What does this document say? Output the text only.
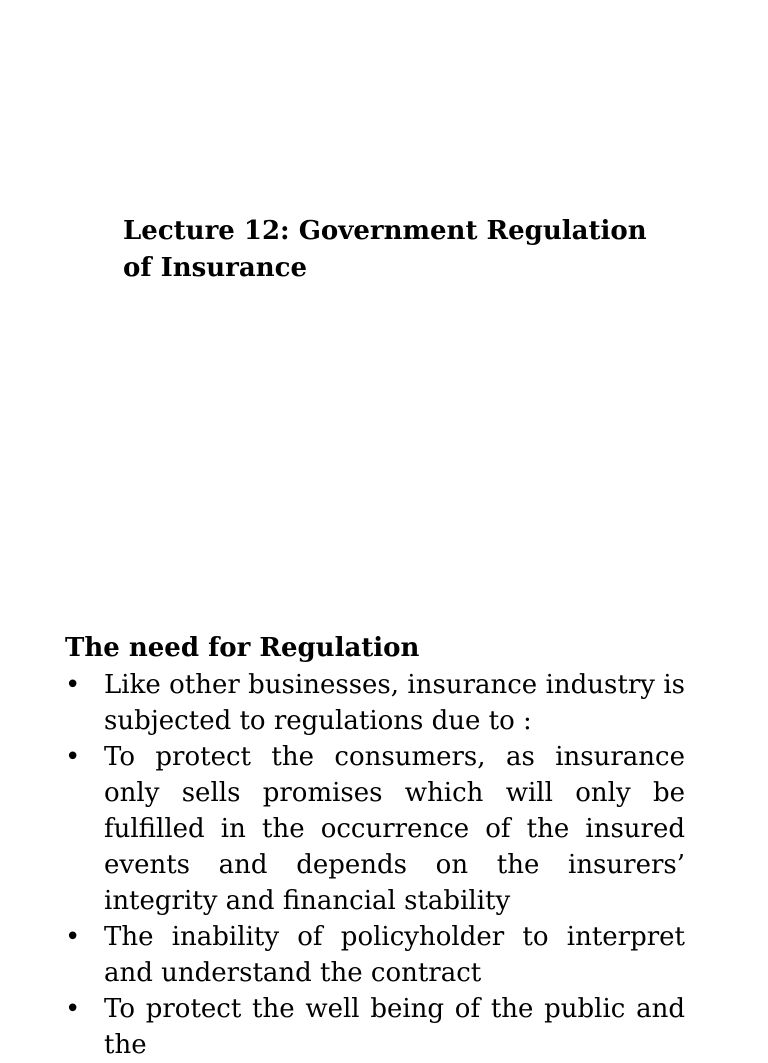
Lecture 12: Government Regulation of Insurance
The need for Regulation
• Like other businesses, insurance industry is subjected to regulations due to :
• To protect the consumers, as insurance only sells promises which will only be fulfilled in the occurrence of the insured events and depends on the insurers’ integrity and financial stability
• The inability of policyholder to interpret and understand the contract
• To protect the well being of the public and the
